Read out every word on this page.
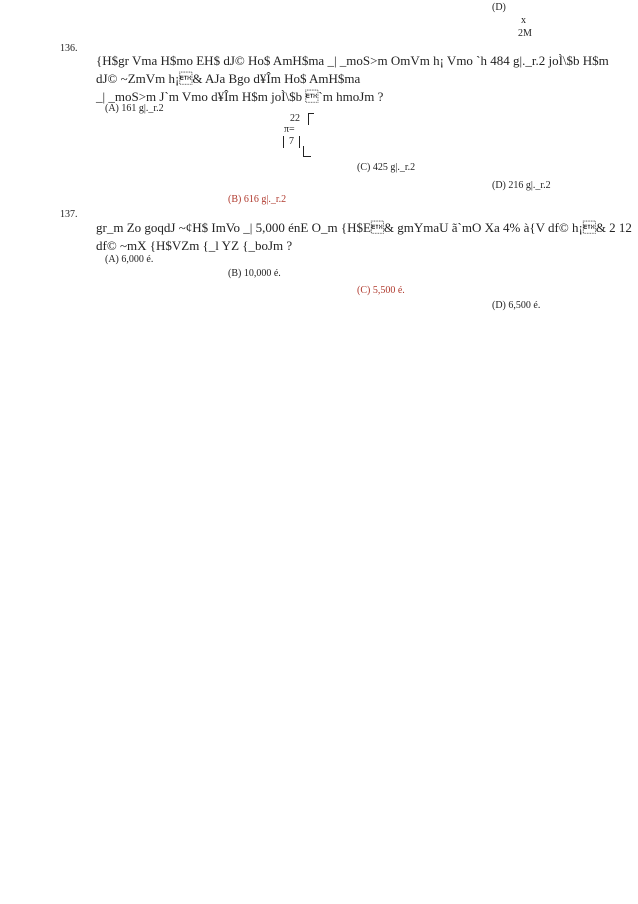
(D)
x
2M
136.
{H$gr Vma H$mo EH$ dJ© Ho$ AmH$ma _| _moS>m OmVm h¡ Vmo `h 484 g|._r.2 joÌ\$b H$m
dJ© ~ZmVm h¡& AJa Bgo d¥Îm Ho$ AmH$ma
_| _moS>m J`m Vmo d¥Îm H$m joÌ\$b `m hmoJm ?
(A) 161 g|._r.2
22
π=
7
(C) 425 g|._r.2
(D) 216 g|._r.2
(B) 616 g|._r.2
137.
gr_m Zo goqdJ ~¢H$ ImVo _| 5,000 énE O_m {H$E& gmYmaU ã`mO Xa 4% à{V df© h¡& 2 12
df© ~mX {H$VZm {_l YZ {_boJm ?
(A) 6,000 é.
(B) 10,000 é.
(C) 5,500 é.
(D) 6,500 é.
